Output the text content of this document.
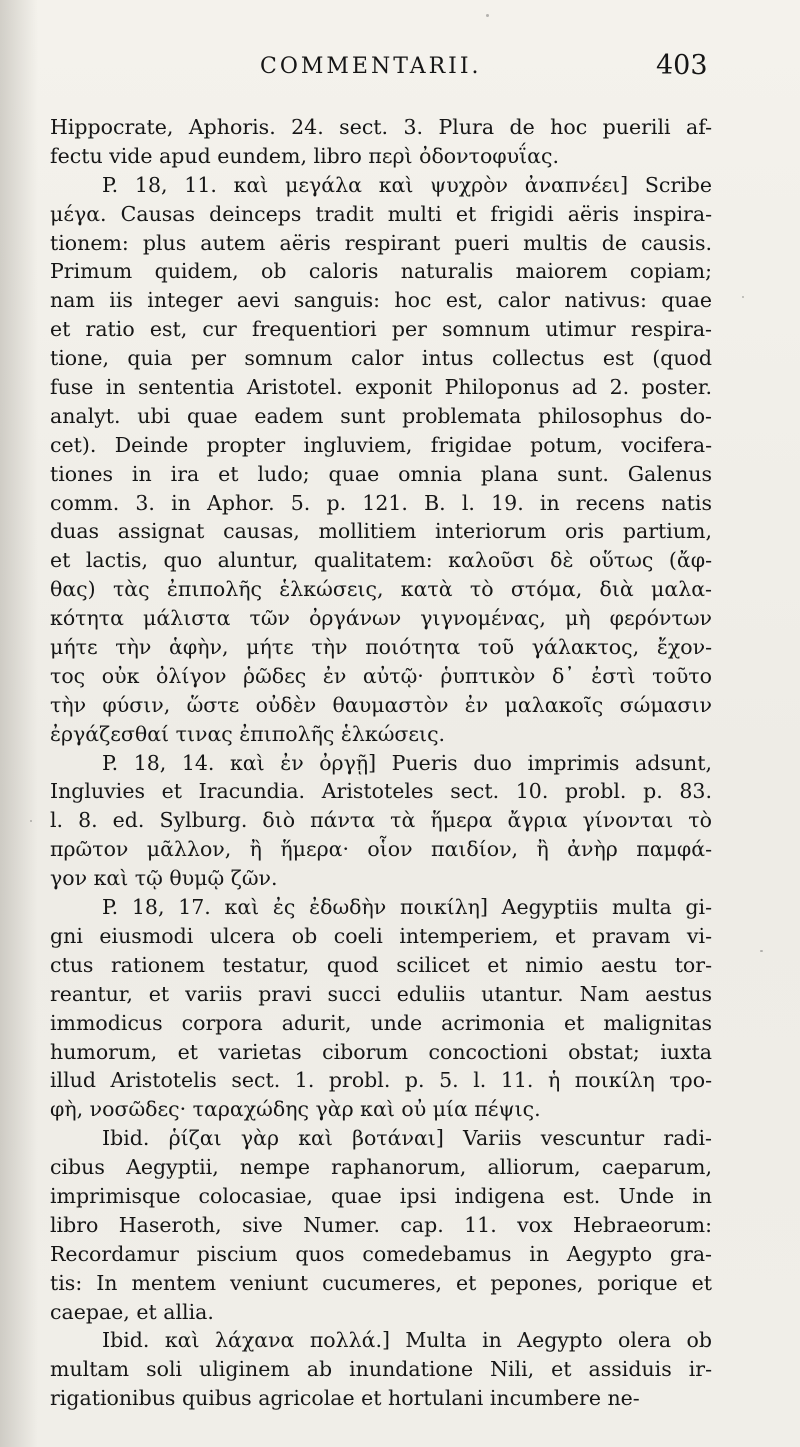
COMMENTARII.	403
Hippocrate, Aphoris. 24. sect. 3. Plura de hoc puerili af-
fectu vide apud eundem, libro περὶ ὀδοντοφυΐας.
P. 18, 11. καὶ μεγάλα καὶ ψυχρὸν ἀναπνέει] Scribe
μέγα. Causas deinceps tradit multi et frigidi aëris inspira-
tionem: plus autem aëris respirant pueri multis de causis.
Primum quidem, ob caloris naturalis maiorem copiam;
nam iis integer aevi sanguis: hoc est, calor nativus: quae
et ratio est, cur frequentiori per somnum utimur respira-
tione, quia per somnum calor intus collectus est (quod
fuse in sententia Aristotel. exponit Philoponus ad 2. poster.
analyt. ubi quae eadem sunt problemata philosophus do-
cet). Deinde propter ingluviem, frigidae potum, vocifera-
tiones in ira et ludo; quae omnia plana sunt. Galenus
comm. 3. in Aphor. 5. p. 121. B. l. 19. in recens natis
duas assignat causas, mollitiem interiorum oris partium,
et lactis, quo aluntur, qualitatem: καλοῦσι δὲ οὕτως (ἄφ-
θας) τὰς ἐπιπολῆς ἑλκώσεις, κατὰ τὸ στόμα, διὰ μαλα-
κότητα μάλιστα τῶν ὀργάνων γιγνομένας, μὴ φερόντων
μήτε τὴν ἁφὴν, μήτε τὴν ποιότητα τοῦ γάλακτος, ἔχον-
τος οὐκ ὀλίγον ῥῶδες ἐν αὐτῷ· ῥυπτικὸν δ᾽ ἐστὶ τοῦτο
τὴν φύσιν, ὥστε οὐδὲν θαυμαστὸν ἐν μαλακοῖς σώμασιν
ἐργάζεσθαί τινας ἐπιπολῆς ἑλκώσεις.
P. 18, 14. καὶ ἐν ὀργῇ] Pueris duo imprimis adsunt,
Ingluvies et Iracundia. Aristoteles sect. 10. probl. p. 83.
l. 8. ed. Sylburg. διὸ πάντα τὰ ἥμερα ἄγρια γίνονται τὸ
πρῶτον μᾶλλον, ἢ ἥμερα· οἷον παιδίον, ἢ ἀνὴρ παμφά-
γον καὶ τῷ θυμῷ ζῶν.
P. 18, 17. καὶ ἐς ἐδωδὴν ποικίλη] Aegyptiis multa gi-
gni eiusmodi ulcera ob coeli intemperiem, et pravam vi-
ctus rationem testatur, quod scilicet et nimio aestu tor-
reantur, et variis pravi succi eduliis utantur. Nam aestus
immodicus corpora adurit, unde acrimonia et malignitas
humorum, et varietas ciborum concoctioni obstat; iuxta
illud Aristotelis sect. 1. probl. p. 5. l. 11. ἡ ποικίλη τρο-
φὴ, νοσῶδες· ταραχώδης γὰρ καὶ οὐ μία πέψις.
Ibid. ῥίζαι γὰρ καὶ βοτάναι] Variis vescuntur radi-
cibus Aegyptii, nempe raphanorum, alliorum, caeparum,
imprimisque colocasiae, quae ipsi indigena est. Unde in
libro Haseroth, sive Numer. cap. 11. vox Hebraeorum:
Recordamur piscium quos comedebamus in Aegypto gra-
tis: In mentem veniunt cucumeres, et pepones, porique et
caepae, et allia.
Ibid. καὶ λάχανα πολλά.] Multa in Aegypto olera ob
multam soli uliginem ab inundatione Nili, et assiduis ir-
rigationibus quibus agricolae et hortulani incumbere ne-
